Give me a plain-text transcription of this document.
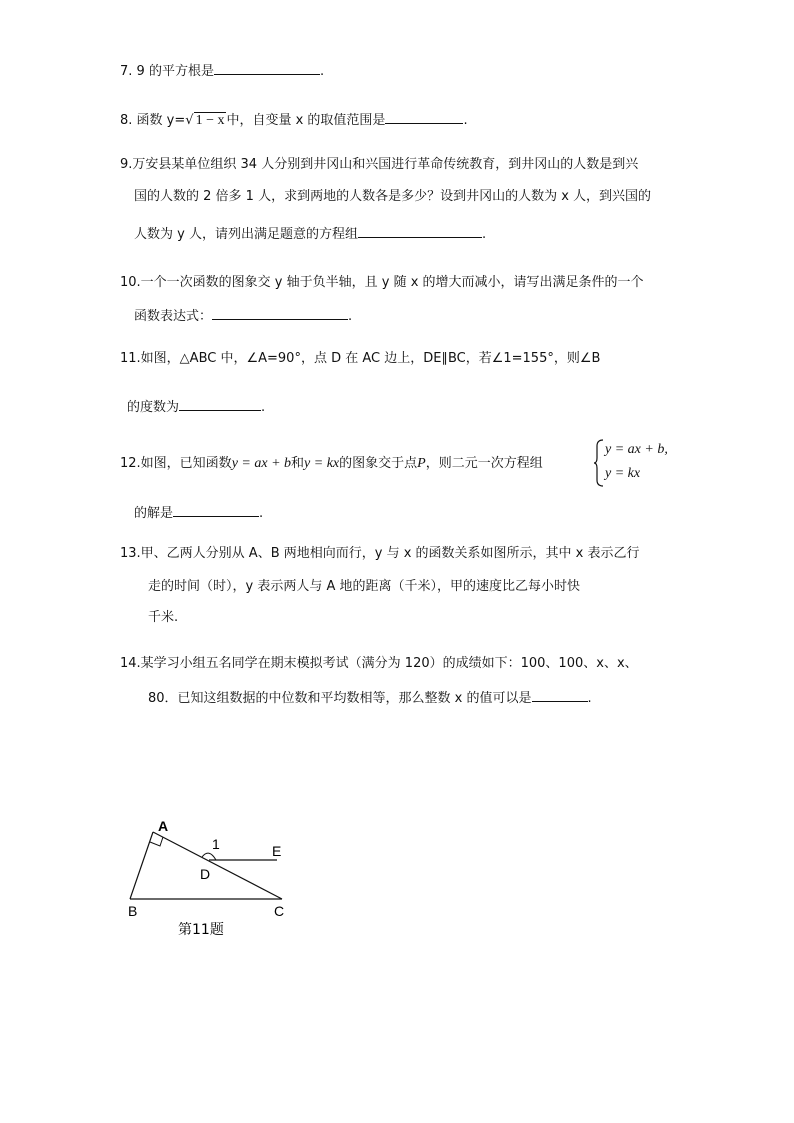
7. 9 的平方根是	.
8. 函数 y=√ 1 − x 中，自变量 x 的取值范围是	.
9.万安县某单位组织 34 人分别到井冈山和兴国进行革命传统教育，到井冈山的人数是到兴
国的人数的 2 倍多 1 人，求到两地的人数各是多少？设到井冈山的人数为 x 人，到兴国的
人数为 y 人，请列出满足题意的方程组	.
10.一个一次函数的图象交 y 轴于负半轴，且 y 随 x 的增大而减小，请写出满足条件的一个
函数表达式：	.
11.如图，△ABC 中，∠A=90°，点 D 在 AC 边上，DE∥BC，若∠1=155°，则∠B
的度数为	.
12.如图，已知函数y = ax + b和y = kx的图象交于点P，则二元一次方程组
y = ax + b,
y = kx
的解是	.
13.甲、乙两人分别从 A、B 两地相向而行，y 与 x 的函数关系如图所示，其中 x 表示乙行
走的时间（时），y 表示两人与 A 地的距离（千米），甲的速度比乙每小时快
千米.
14.某学习小组五名同学在期末模拟考试（满分为 120）的成绩如下：100、100、x、x、
80．已知这组数据的中位数和平均数相等，那么整数 x 的值可以是	.
A
1	E
D
B	C
第11题
